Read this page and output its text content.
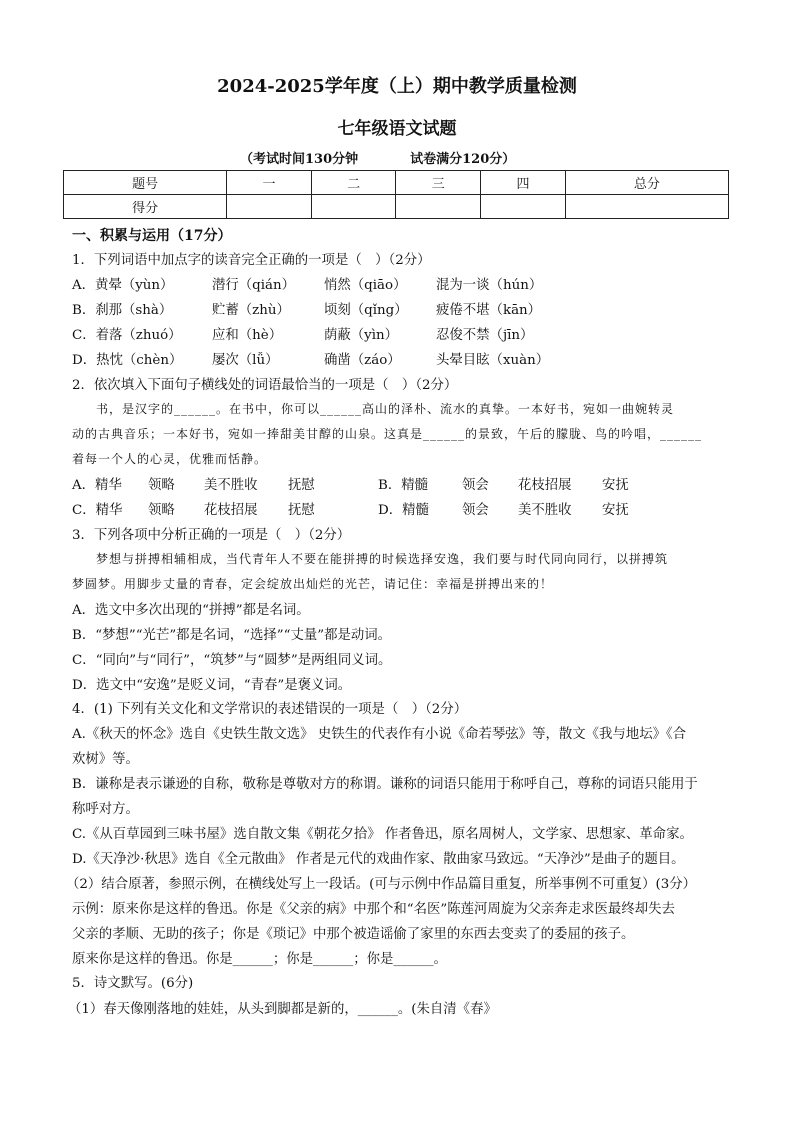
2024-2025学年度（上）期中教学质量检测
七年级语文试题
（考试时间130分钟	试卷满分120分）
题号	一	二	三	四	总分
得分					
一、积累与运用（17分）
1．下列词语中加点字的读音完全正确的一项是（　）（2分）
A．黄晕（yùn）	潜行（qián） 悄然（qiāo） 混为一谈（hún）
B．刹那（shà）	贮蓄（zhù）	顷刻（qǐng） 疲倦不堪（kān）
C．着落（zhuó） 应和（hè）	荫蔽（yìn）	忍俊不禁（jīn）
D．热忱（chèn） 屡次（lǚ）	确凿（záo）	头晕目眩（xuàn）
2．依次填入下面句子横线处的词语最恰当的一项是（　）（2分）
书，是汉字的______。在书中，你可以______高山的泽朴、流水的真挚。一本好书，宛如一曲婉转灵
动的古典音乐；一本好书，宛如一捧甜美甘醇的山泉。这真是______的景致，午后的朦胧、鸟的吟唱，______
着每一个人的心灵，优雅而恬静。
A．精华 领略 美不胜收 抚慰	B．精髓	领会 花枝招展 安抚
C．精华 领略 花枝招展 抚慰	D．精髓 领会 美不胜收 安抚
3．下列各项中分析正确的一项是（　）（2分）
梦想与拼搏相辅相成，当代青年人不要在能拼搏的时候选择安逸，我们要与时代同向同行，以拼搏筑
梦圆梦。用脚步丈量的青春，定会绽放出灿烂的光芒，请记住：幸福是拼搏出来的！
A．选文中多次出现的“拼搏”都是名词。
B．“梦想”“光芒”都是名词，“选择”“丈量”都是动词。
C．“同向”与“同行”，“筑梦”与“圆梦”是两组同义词。
D．选文中“安逸”是贬义词，“青春”是褒义词。
4．(1) 下列有关文化和文学常识的表述错误的一项是（　）（2分）
A.《秋天的怀念》选自《史铁生散文选》 史铁生的代表作有小说《命若琴弦》等，散文《我与地坛》《合
欢树》等。
B．谦称是表示谦逊的自称，敬称是尊敬对方的称谓。谦称的词语只能用于称呼自己，尊称的词语只能用于
称呼对方。
C.《从百草园到三味书屋》选自散文集《朝花夕拾》 作者鲁迅，原名周树人，文学家、思想家、革命家。
D.《天净沙·秋思》选自《全元散曲》 作者是元代的戏曲作家、散曲家马致远。“天净沙”是曲子的题目。
（2）结合原著，参照示例，在横线处写上一段话。(可与示例中作品篇目重复，所举事例不可重复）(3分）
示例：原来你是这样的鲁迅。你是《父亲的病》中那个和“名医”陈莲河周旋为父亲奔走求医最终却失去
父亲的孝顺、无助的孩子；你是《琐记》中那个被造谣偷了家里的东西去变卖了的委屈的孩子。
原来你是这样的鲁迅。你是______；你是______；你是______。
5．诗文默写。(6分)
（1）春天像刚落地的娃娃，从头到脚都是新的，______。(朱自清《春》
